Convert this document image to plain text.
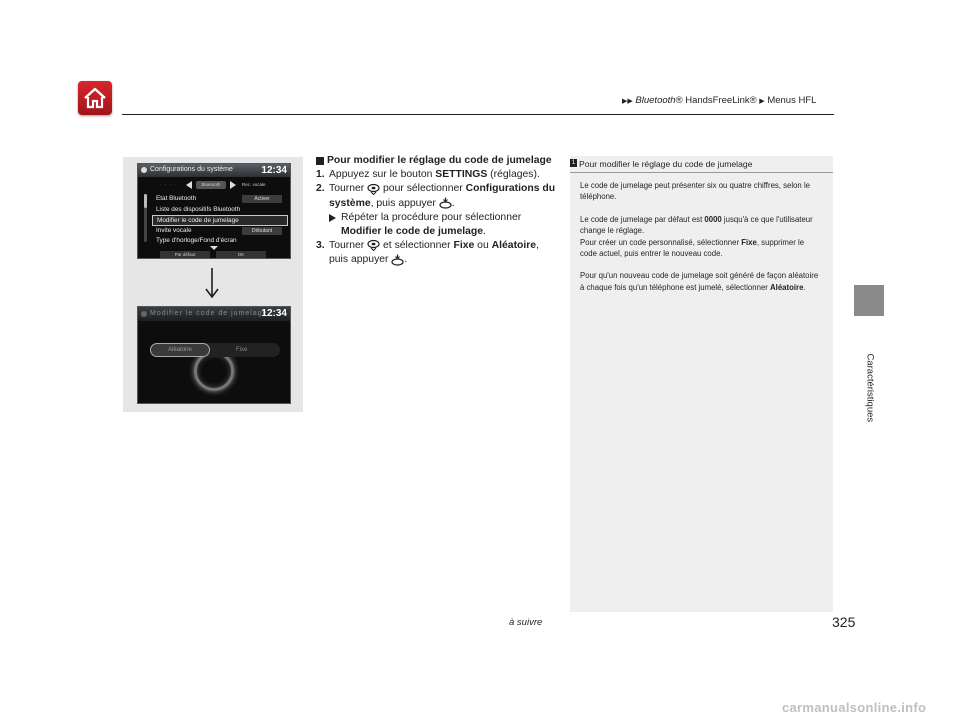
▶▶ Bluetooth® HandsFreeLink® ▶ Menus HFL
Caractéristiques
Configurations du système	12:34
· · · ·	Bluetooth	Rec. vocale
Etat Bluetooth	Activer
Liste des dispositifs Bluetooth
Modifier le code de jumelage
Invite vocale	Débutant
Type d'horloge/Fond d'écran
Par défaut	OK
Modifier le code de jumelage
12:34
Aléatoire	Fixe
Pour modifier le réglage du code de jumelage
1. Appuyez sur le bouton SETTINGS (réglages).
2. Tourner  pour sélectionner Configurations du système, puis appuyer .
Répéter la procédure pour sélectionner Modifier le code de jumelage.
3. Tourner  et sélectionner Fixe ou Aléatoire,
puis appuyer .
1 Pour modifier le réglage du code de jumelage

Le code de jumelage peut présenter six ou quatre chiffres, selon le téléphone.

Le code de jumelage par défaut est 0000 jusqu'à ce que l'utilisateur change le réglage.
Pour créer un code personnalisé, sélectionner Fixe, supprimer le code actuel, puis entrer le nouveau code.

Pour qu'un nouveau code de jumelage soit généré de façon aléatoire à chaque fois qu'un téléphone est jumelé, sélectionner Aléatoire.

à suivre	325
carmanualsonline.info
